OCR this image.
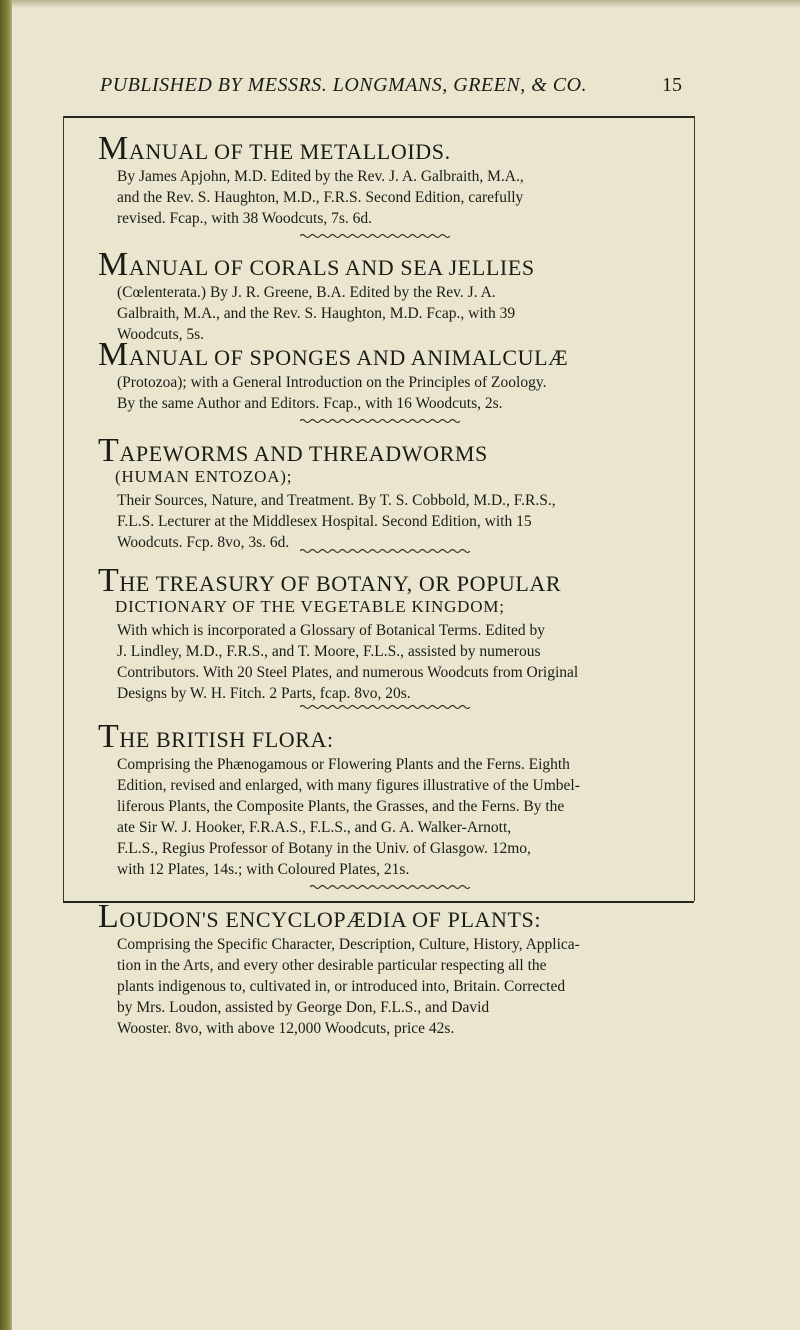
PUBLISHED BY MESSRS. LONGMANS, GREEN, & CO.	15

MANUAL OF THE METALLOIDS.

By James Apjohn, M.D. Edited by the Rev. J. A. Galbraith, M.A.,
and the Rev. S. Haughton, M.D., F.R.S. Second Edition, carefully
revised. Fcap., with 38 Woodcuts, 7s. 6d.

MANUAL OF CORALS AND SEA JELLIES

(Cœlenterata.) By J. R. Greene, B.A. Edited by the Rev. J. A.
Galbraith, M.A., and the Rev. S. Haughton, M.D. Fcap., with 39
Woodcuts, 5s.

MANUAL OF SPONGES AND ANIMALCULÆ

(Protozoa); with a General Introduction on the Principles of Zoology.
By the same Author and Editors. Fcap., with 16 Woodcuts, 2s.

TAPEWORMS AND THREADWORMS

(HUMAN ENTOZOA);
Their Sources, Nature, and Treatment. By T. S. Cobbold, M.D., F.R.S.,
F.L.S. Lecturer at the Middlesex Hospital. Second Edition, with 15
Woodcuts. Fcp. 8vo, 3s. 6d.

THE TREASURY OF BOTANY, OR POPULAR

DICTIONARY OF THE VEGETABLE KINGDOM;
With which is incorporated a Glossary of Botanical Terms. Edited by
J. Lindley, M.D., F.R.S., and T. Moore, F.L.S., assisted by numerous
Contributors. With 20 Steel Plates, and numerous Woodcuts from Original
Designs by W. H. Fitch. 2 Parts, fcap. 8vo, 20s.

THE BRITISH FLORA:

Comprising the Phænogamous or Flowering Plants and the Ferns. Eighth
Edition, revised and enlarged, with many figures illustrative of the Umbel-
liferous Plants, the Composite Plants, the Grasses, and the Ferns. By the
ate Sir W. J. Hooker, F.R.A.S., F.L.S., and G. A. Walker-Arnott,
F.L.S., Regius Professor of Botany in the Univ. of Glasgow. 12mo,
with 12 Plates, 14s.; with Coloured Plates, 21s.

LOUDON'S ENCYCLOPÆDIA OF PLANTS:

Comprising the Specific Character, Description, Culture, History, Applica-
tion in the Arts, and every other desirable particular respecting all the
plants indigenous to, cultivated in, or introduced into, Britain. Corrected
by Mrs. Loudon, assisted by George Don, F.L.S., and David
Wooster. 8vo, with above 12,000 Woodcuts, price 42s.
